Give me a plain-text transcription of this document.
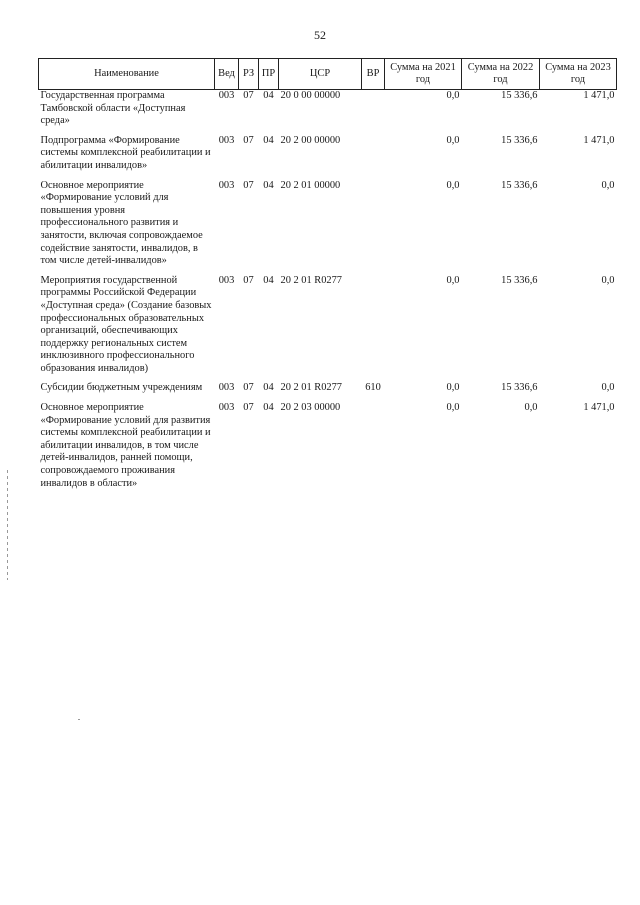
52
Наименование	Вед	РЗ	ПР	ЦСР	ВР	Сумма на 2021 год	Сумма на 2022 год	Сумма на 2023 год
Государственная программа Тамбовской области «Доступная среда»	003	07	04	20 0 00 00000		0,0	15 336,6	1 471,0
Подпрограмма «Формирование системы комплексной реабилитации и абилитации инвалидов»	003	07	04	20 2 00 00000		0,0	15 336,6	1 471,0
Основное мероприятие «Формирование условий для повышения уровня профессионального развития и занятости, включая сопровождаемое содействие занятости, инвалидов, в том числе детей-инвалидов»	003	07	04	20 2 01 00000		0,0	15 336,6	0,0
Мероприятия государственной программы Российской Федерации «Доступная среда» (Создание базовых профессиональных образовательных организаций, обеспечивающих поддержку региональных систем инклюзивного профессионального образования инвалидов)	003	07	04	20 2 01 R0277		0,0	15 336,6	0,0
Субсидии бюджетным учреждениям	003	07	04	20 2 01 R0277	610	0,0	15 336,6	0,0
Основное мероприятие «Формирование условий для развития системы комплексной реабилитации и абилитации инвалидов, в том числе детей-инвалидов, ранней помощи, сопровождаемого проживания инвалидов в области»	003	07	04	20 2 03 00000		0,0	0,0	1 471,0
